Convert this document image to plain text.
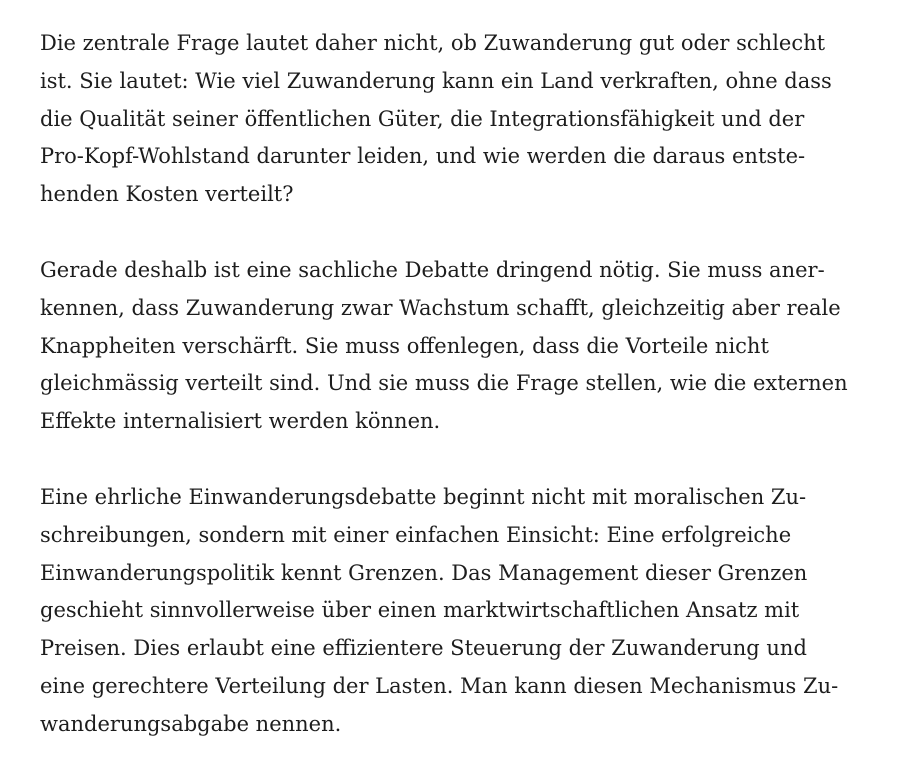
Die zentrale Frage lautet daher nicht, ob Zuwanderung gut oder schlecht
ist. Sie lautet: Wie viel Zuwanderung kann ein Land verkraften, ohne dass
die Qualität seiner öffentlichen Güter, die Integrationsfähigkeit und der
Pro-Kopf-Wohlstand darunter leiden, und wie werden die daraus entste-
henden Kosten verteilt?

Gerade deshalb ist eine sachliche Debatte dringend nötig. Sie muss aner-
kennen, dass Zuwanderung zwar Wachstum schafft, gleichzeitig aber reale
Knappheiten verschärft. Sie muss offenlegen, dass die Vorteile nicht
gleichmässig verteilt sind. Und sie muss die Frage stellen, wie die externen
Effekte internalisiert werden können.

Eine ehrliche Einwanderungsdebatte beginnt nicht mit moralischen Zu-
schreibungen, sondern mit einer einfachen Einsicht: Eine erfolgreiche
Einwanderungspolitik kennt Grenzen. Das Management dieser Grenzen
geschieht sinnvollerweise über einen marktwirtschaftlichen Ansatz mit
Preisen. Dies erlaubt eine effizientere Steuerung der Zuwanderung und
eine gerechtere Verteilung der Lasten. Man kann diesen Mechanismus Zu-
wanderungsabgabe nennen.
